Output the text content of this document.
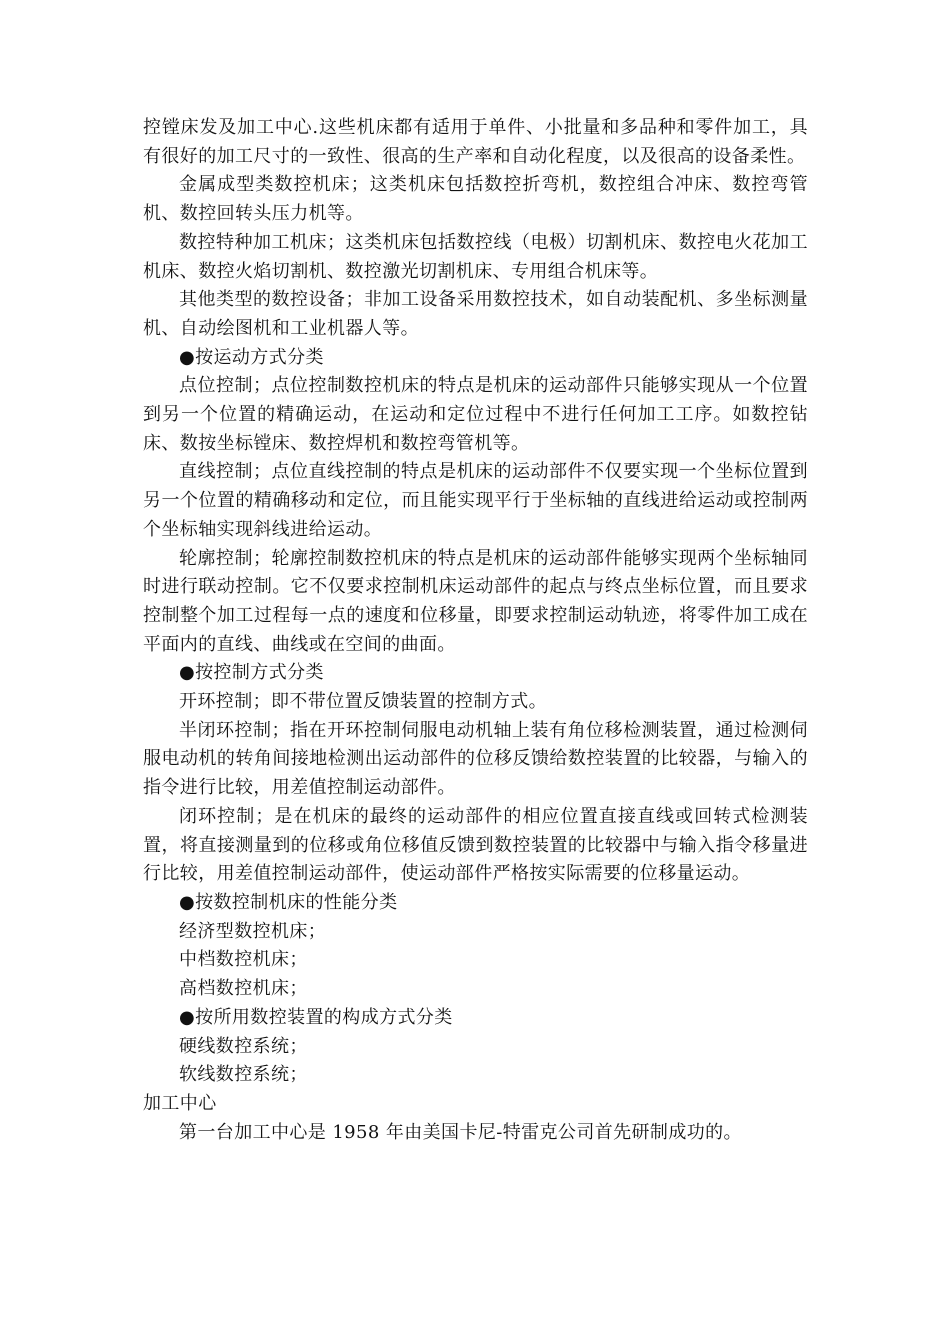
控镗床发及加工中心.这些机床都有适用于单件、小批量和多品种和零件加工，具有很好的加工尺寸的一致性、很高的生产率和自动化程度，以及很高的设备柔性。

金属成型类数控机床；这类机床包括数控折弯机，数控组合冲床、数控弯管机、数控回转头压力机等。

数控特种加工机床；这类机床包括数控线（电极）切割机床、数控电火花加工机床、数控火焰切割机、数控激光切割机床、专用组合机床等。

其他类型的数控设备；非加工设备采用数控技术，如自动装配机、多坐标测量机、自动绘图机和工业机器人等。

●按运动方式分类

点位控制；点位控制数控机床的特点是机床的运动部件只能够实现从一个位置到另一个位置的精确运动，在运动和定位过程中不进行任何加工工序。如数控钻床、数按坐标镗床、数控焊机和数控弯管机等。

直线控制；点位直线控制的特点是机床的运动部件不仅要实现一个坐标位置到另一个位置的精确移动和定位，而且能实现平行于坐标轴的直线进给运动或控制两个坐标轴实现斜线进给运动。

轮廓控制；轮廓控制数控机床的特点是机床的运动部件能够实现两个坐标轴同时进行联动控制。它不仅要求控制机床运动部件的起点与终点坐标位置，而且要求控制整个加工过程每一点的速度和位移量，即要求控制运动轨迹，将零件加工成在平面内的直线、曲线或在空间的曲面。

●按控制方式分类

开环控制；即不带位置反馈装置的控制方式。

半闭环控制；指在开环控制伺服电动机轴上装有角位移检测装置，通过检测伺服电动机的转角间接地检测出运动部件的位移反馈给数控装置的比较器，与输入的指令进行比较，用差值控制运动部件。

闭环控制；是在机床的最终的运动部件的相应位置直接直线或回转式检测装置，将直接测量到的位移或角位移值反馈到数控装置的比较器中与输入指令移量进行比较，用差值控制运动部件，使运动部件严格按实际需要的位移量运动。

●按数控制机床的性能分类

经济型数控机床；

中档数控机床；

高档数控机床；

●按所用数控装置的构成方式分类

硬线数控系统；

软线数控系统；

加工中心

第一台加工中心是 1958 年由美国卡尼-特雷克公司首先研制成功的。
